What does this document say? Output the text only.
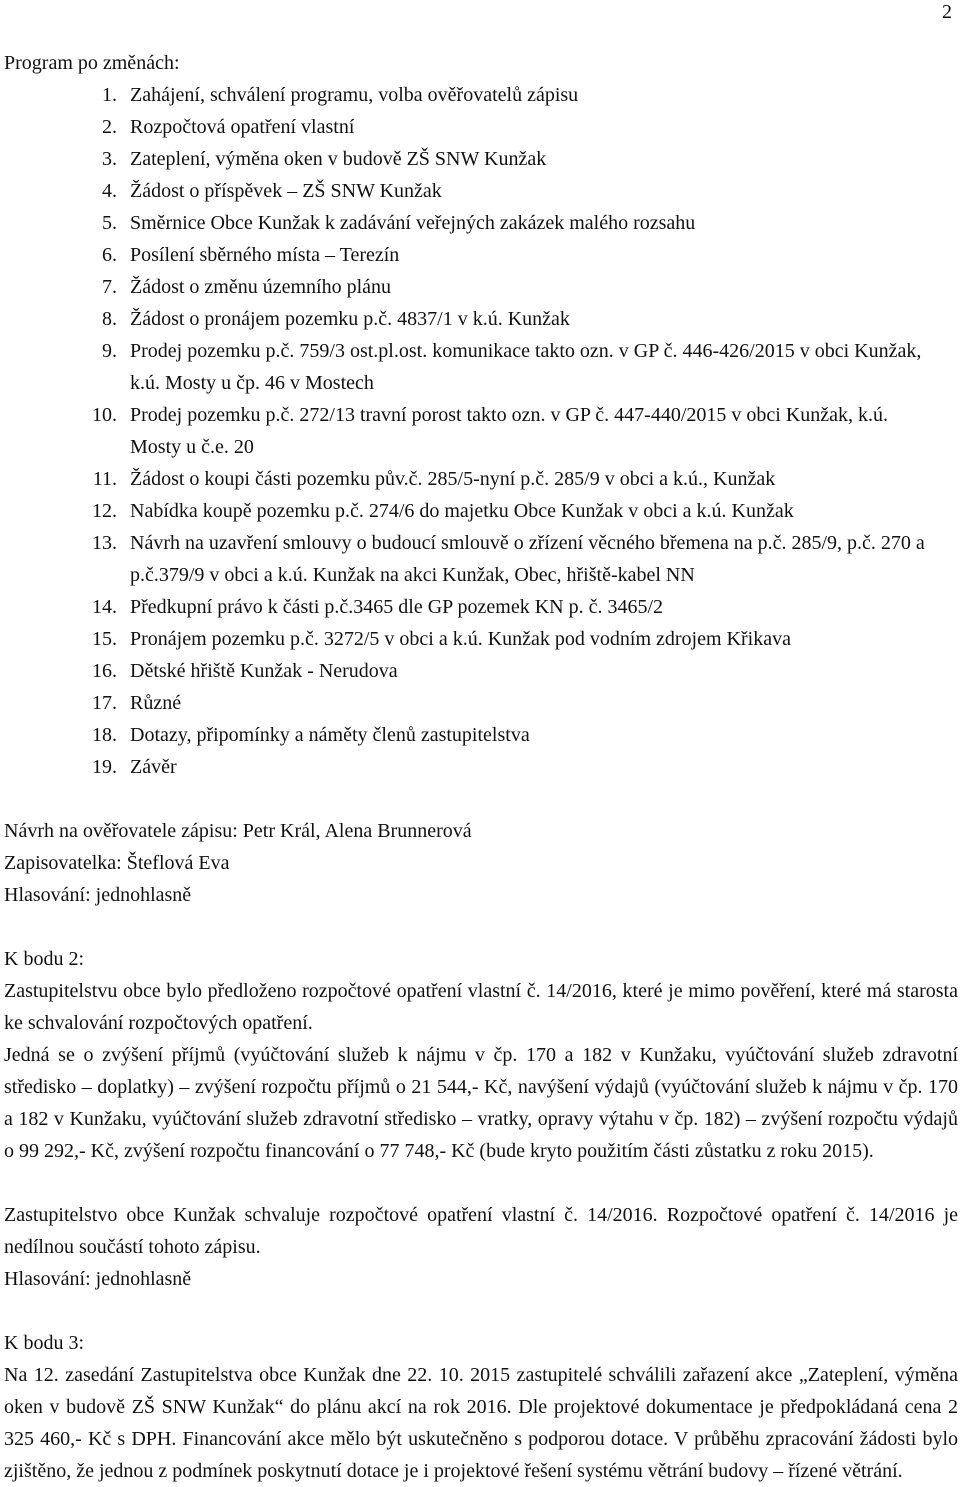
2

Program po změnách:

1. Zahájení, schválení programu, volba ověřovatelů zápisu
2. Rozpočtová opatření vlastní
3. Zateplení, výměna oken v budově ZŠ SNW Kunžak
4. Žádost o příspěvek – ZŠ SNW Kunžak
5. Směrnice Obce Kunžak k zadávání veřejných zakázek malého rozsahu
6. Posílení sběrného místa – Terezín
7. Žádost o změnu územního plánu
8. Žádost o pronájem pozemku p.č. 4837/1 v k.ú. Kunžak
9. Prodej pozemku p.č. 759/3 ost.pl.ost. komunikace takto ozn. v GP č. 446-426/2015 v obci Kunžak, k.ú. Mosty u čp. 46 v Mostech
10. Prodej pozemku p.č. 272/13 travní porost takto ozn. v GP č. 447-440/2015 v obci Kunžak, k.ú. Mosty u č.e. 20
11. Žádost o koupi části pozemku pův.č. 285/5-nyní p.č. 285/9 v obci a k.ú., Kunžak
12. Nabídka koupě pozemku p.č. 274/6 do majetku Obce Kunžak v obci a k.ú. Kunžak
13. Návrh na uzavření smlouvy o budoucí smlouvě o zřízení věcného břemena na p.č. 285/9, p.č. 270 a p.č.379/9 v obci a k.ú. Kunžak na akci Kunžak, Obec, hřiště-kabel NN
14. Předkupní právo k části p.č.3465 dle GP pozemek KN p. č. 3465/2
15. Pronájem pozemku p.č. 3272/5 v obci a k.ú. Kunžak pod vodním zdrojem Křikava
16. Dětské hřiště Kunžak - Nerudova
17. Různé
18. Dotazy, připomínky a náměty členů zastupitelstva
19. Závěr

Návrh na ověřovatele zápisu: Petr Král, Alena Brunnerová

Zapisovatelka: Šteflová Eva

Hlasování: jednohlasně

K bodu 2:

Zastupitelstvu obce bylo předloženo rozpočtové opatření vlastní č. 14/2016, které je mimo pověření, které má starosta ke schvalování rozpočtových opatření.

Jedná se o zvýšení příjmů (vyúčtování služeb k nájmu v čp. 170 a 182 v Kunžaku, vyúčtování služeb zdravotní středisko – doplatky) – zvýšení rozpočtu příjmů o 21 544,- Kč, navýšení výdajů (vyúčtování služeb k nájmu v čp. 170 a 182 v Kunžaku, vyúčtování služeb zdravotní středisko – vratky, opravy výtahu v čp. 182) – zvýšení rozpočtu výdajů o 99 292,- Kč, zvýšení rozpočtu financování o 77 748,- Kč (bude kryto použitím části zůstatku z roku 2015).

Zastupitelstvo obce Kunžak schvaluje rozpočtové opatření vlastní č. 14/2016. Rozpočtové opatření č. 14/2016 je nedílnou součástí tohoto zápisu.

Hlasování: jednohlasně

K bodu 3:

Na 12. zasedání Zastupitelstva obce Kunžak dne 22. 10. 2015 zastupitelé schválili zařazení akce „Zateplení, výměna oken v budově ZŠ SNW Kunžak“ do plánu akcí na rok 2016. Dle projektové dokumentace je předpokládaná cena 2 325 460,- Kč s DPH. Financování akce mělo být uskutečněno s podporou dotace. V průběhu zpracování žádosti bylo zjištěno, že jednou z podmínek poskytnutí dotace je i projektové řešení systému větrání budovy – řízené větrání.
